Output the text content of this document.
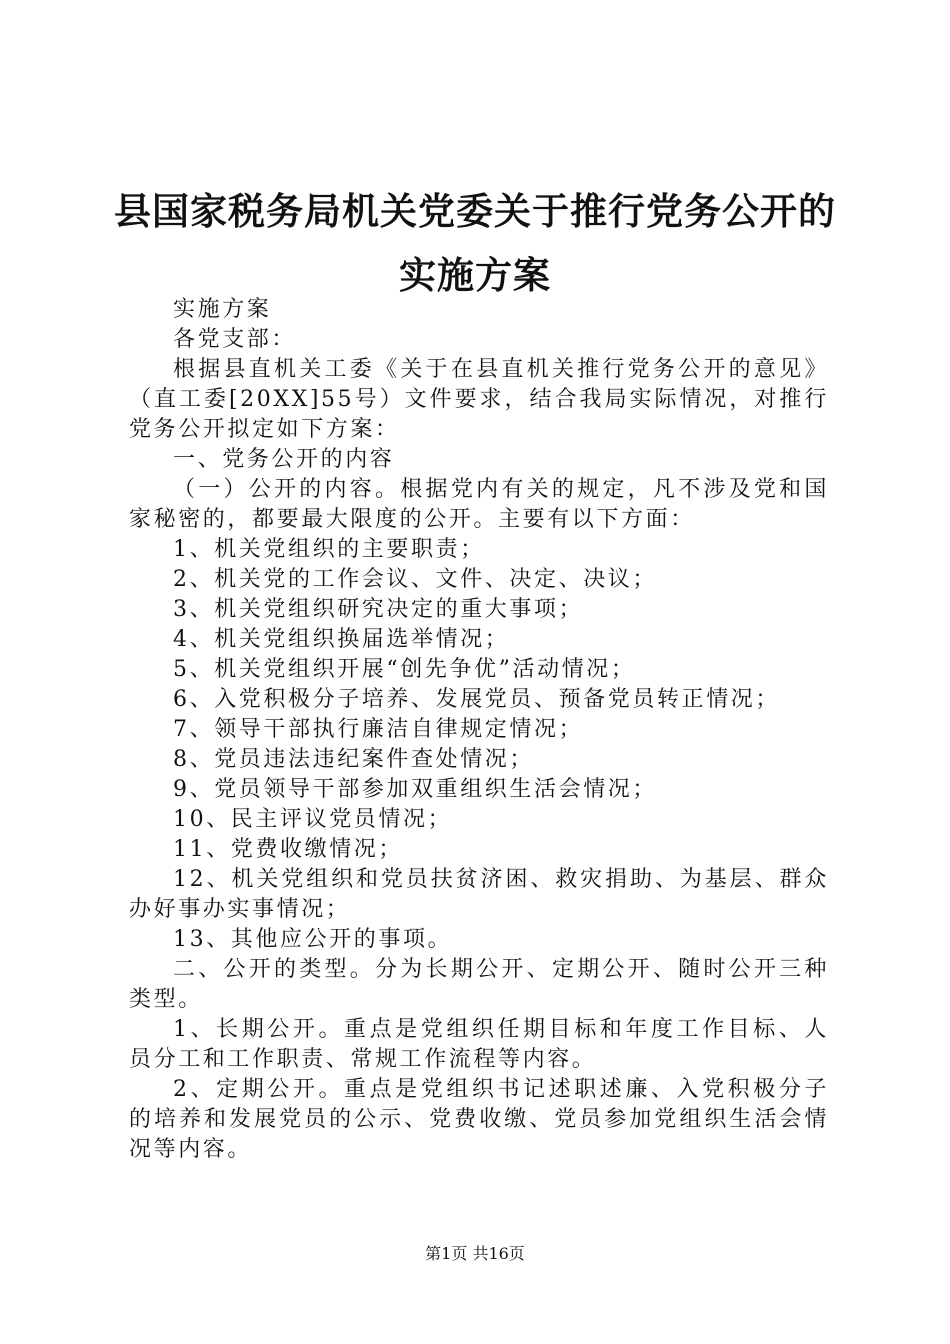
县国家税务局机关党委关于推行党务公开的实施方案

实施方案

各党支部：

根据县直机关工委《关于在县直机关推行党务公开的意见》（直工委[20XX]55号）文件要求，结合我局实际情况，对推行党务公开拟定如下方案：

一、党务公开的内容

（一）公开的内容。根据党内有关的规定，凡不涉及党和国家秘密的，都要最大限度的公开。主要有以下方面：

1、机关党组织的主要职责；

2、机关党的工作会议、文件、决定、决议；

3、机关党组织研究决定的重大事项；

4、机关党组织换届选举情况；

5、机关党组织开展“创先争优”活动情况；

6、入党积极分子培养、发展党员、预备党员转正情况；

7、领导干部执行廉洁自律规定情况；

8、党员违法违纪案件查处情况；

9、党员领导干部参加双重组织生活会情况；

10、民主评议党员情况；

11、党费收缴情况；

12、机关党组织和党员扶贫济困、救灾捐助、为基层、群众办好事办实事情况；

13、其他应公开的事项。

二、公开的类型。分为长期公开、定期公开、随时公开三种类型。

1、长期公开。重点是党组织任期目标和年度工作目标、人员分工和工作职责、常规工作流程等内容。

2、定期公开。重点是党组织书记述职述廉、入党积极分子的培养和发展党员的公示、党费收缴、党员参加党组织生活会情况等内容。

第1页 共16页
